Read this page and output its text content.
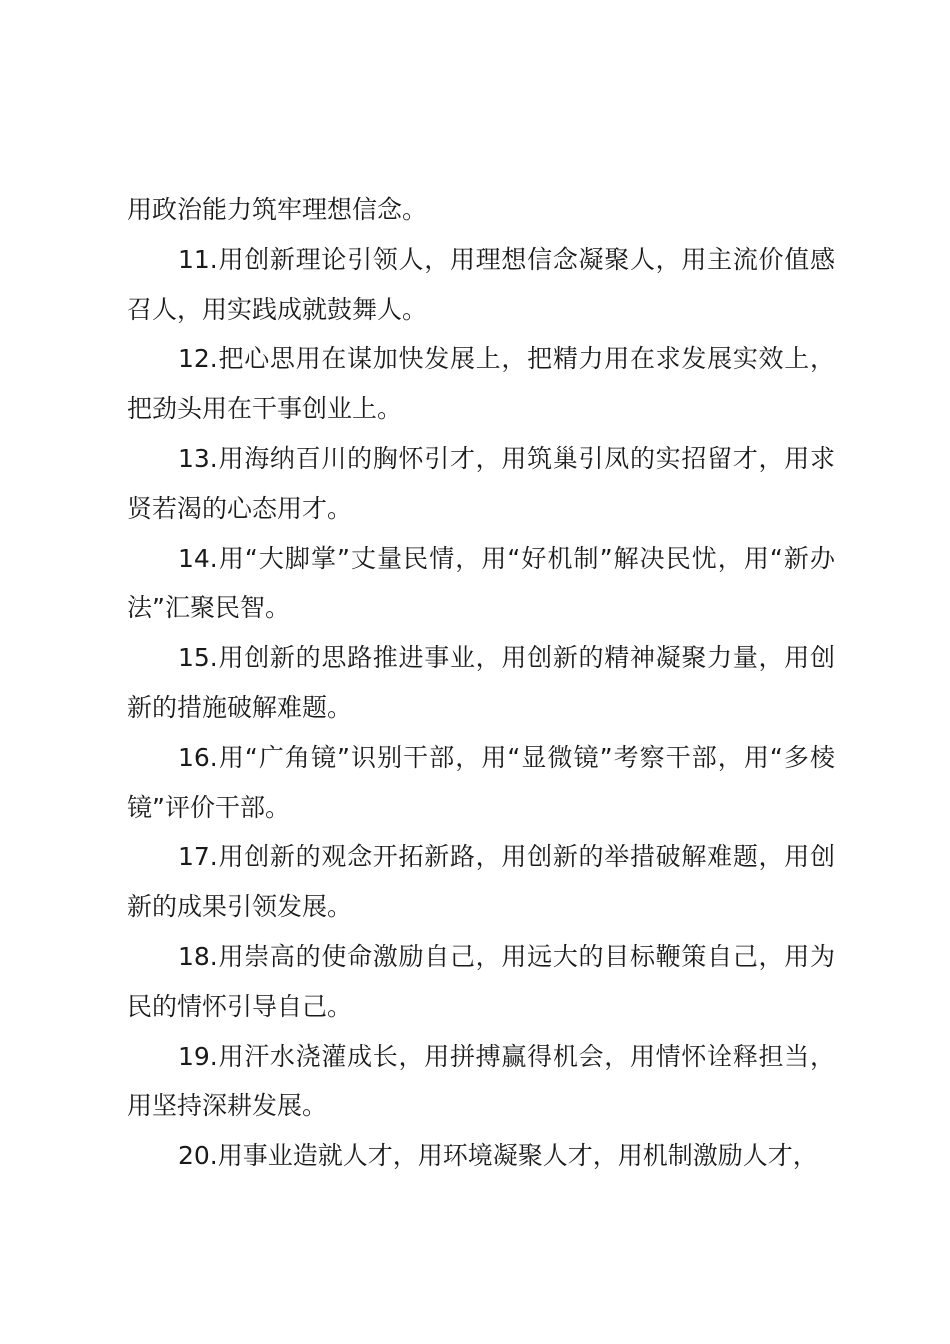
用政治能力筑牢理想信念。

11.用创新理论引领人，用理想信念凝聚人，用主流价值感召人，用实践成就鼓舞人。

12.把心思用在谋加快发展上，把精力用在求发展实效上，把劲头用在干事创业上。

13.用海纳百川的胸怀引才，用筑巢引凤的实招留才，用求贤若渴的心态用才。

14.用“大脚掌”丈量民情，用“好机制”解决民忧，用“新办法”汇聚民智。

15.用创新的思路推进事业，用创新的精神凝聚力量，用创新的措施破解难题。

16.用“广角镜”识别干部，用“显微镜”考察干部，用“多棱镜”评价干部。

17.用创新的观念开拓新路，用创新的举措破解难题，用创新的成果引领发展。

18.用崇高的使命激励自己，用远大的目标鞭策自己，用为民的情怀引导自己。

19.用汗水浇灌成长，用拼搏赢得机会，用情怀诠释担当，用坚持深耕发展。

20.用事业造就人才，用环境凝聚人才，用机制激励人才，
